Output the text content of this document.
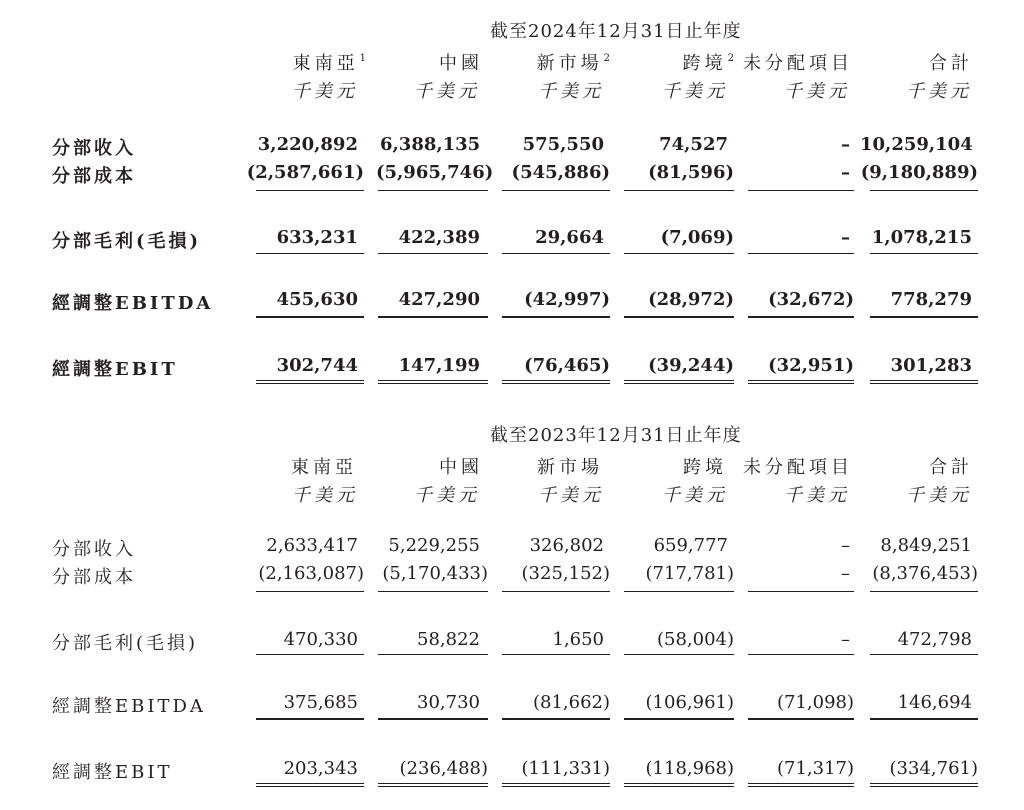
截至2024年12月31日止年度
東南亞$^1$	中國	新市場$^2$	跨境$^2$ 未分配項目	合計
千美元	千美元	千美元	千美元	千美元	千美元
分部收入	3,220,892 6,388,135	575,550	74,527	– 10,259,104
分部成本	(2,587,661) (5,965,746)	(545,886)	(81,596)	– (9,180,889)
分部毛利(毛損)	633,231	422,389	29,664	(7,069)	–	1,078,215
經調整EBITDA	455,630	427,290	(42,997)	(28,972)	(32,672)	778,279
經調整EBIT	302,744	147,199	(76,465)	(39,244)	(32,951)	301,283
截至2023年12月31日止年度
東南亞	中國	新市場	跨境 未分配項目	合計
千美元	千美元	千美元	千美元	千美元	千美元
分部收入	2,633,417	5,229,255	326,802	659,777	–	8,849,251
分部成本	(2,163,087)	(5,170,433)	(325,152)	(717,781)	–	(8,376,453)
分部毛利(毛損)	470,330	58,822	1,650	(58,004)	–	472,798
經調整EBITDA	375,685	30,730	(81,662)	(106,961)	(71,098)	146,694
經調整EBIT	203,343	(236,488)	(111,331)	(118,968)	(71,317)	(334,761)
